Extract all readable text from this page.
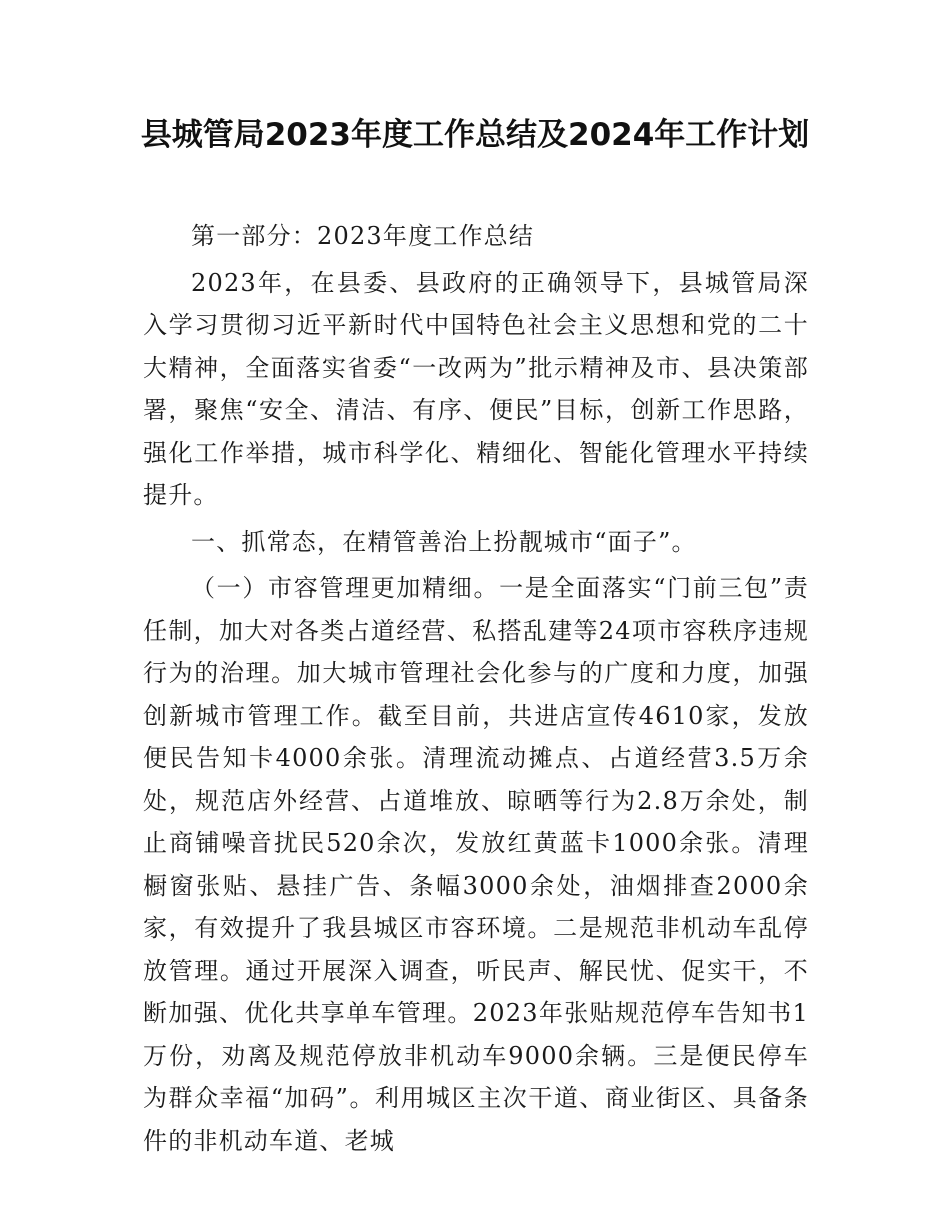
县城管局2023年度工作总结及2024年工作计划

第一部分：2023年度工作总结

2023年，在县委、县政府的正确领导下，县城管局深入学习贯彻习近平新时代中国特色社会主义思想和党的二十大精神，全面落实省委“一改两为”批示精神及市、县决策部署，聚焦“安全、清洁、有序、便民”目标，创新工作思路，强化工作举措，城市科学化、精细化、智能化管理水平持续提升。

一、抓常态，在精管善治上扮靓城市“面子”。

（一）市容管理更加精细。一是全面落实“门前三包”责任制，加大对各类占道经营、私搭乱建等24项市容秩序违规行为的治理。加大城市管理社会化参与的广度和力度，加强创新城市管理工作。截至目前，共进店宣传4610家，发放便民告知卡4000余张。清理流动摊点、占道经营3.5万余处，规范店外经营、占道堆放、晾晒等行为2.8万余处，制止商铺噪音扰民520余次，发放红黄蓝卡1000余张。清理橱窗张贴、悬挂广告、条幅3000余处，油烟排查2000余家，有效提升了我县城区市容环境。二是规范非机动车乱停放管理。通过开展深入调查，听民声、解民忧、促实干，不断加强、优化共享单车管理。2023年张贴规范停车告知书1万份，劝离及规范停放非机动车9000余辆。三是便民停车为群众幸福“加码”。利用城区主次干道、商业街区、具备条件的非机动车道、老城
